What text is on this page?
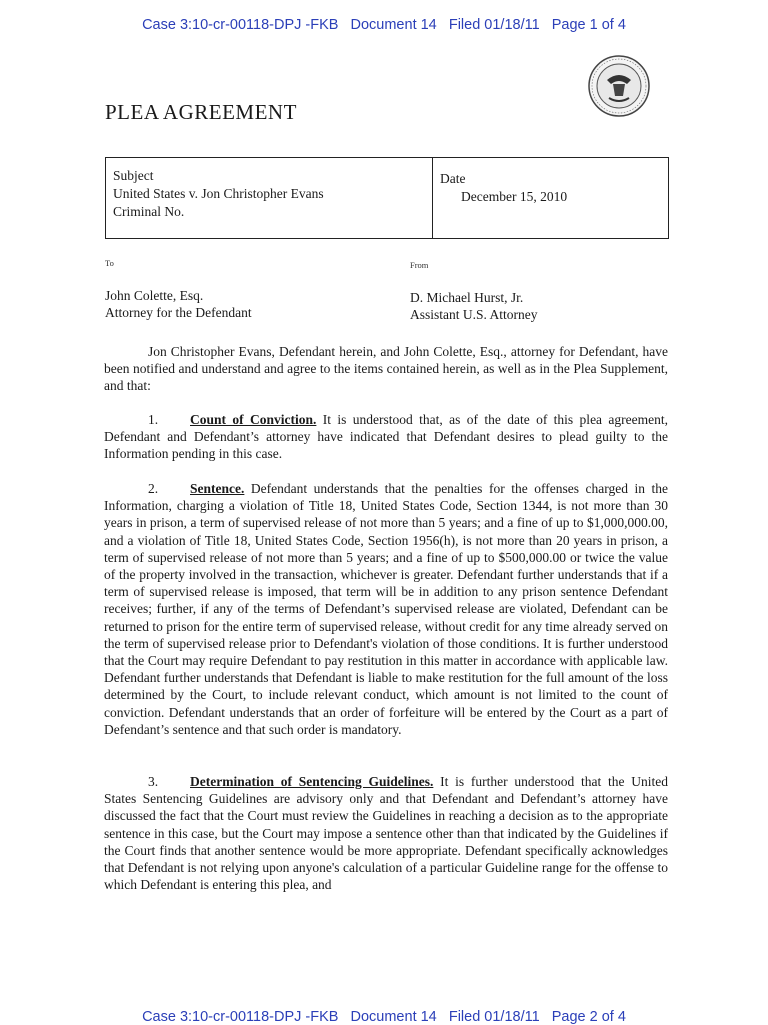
Case 3:10-cr-00118-DPJ -FKB   Document 14   Filed 01/18/11   Page 1 of 4
PLEA AGREEMENT
Subject
United States v. Jon Christopher Evans
Criminal No.
Date
December 15, 2010
To	From
John Colette, Esq.
Attorney for the Defendant
D. Michael Hurst, Jr.
Assistant U.S. Attorney
Jon Christopher Evans, Defendant herein, and John Colette, Esq., attorney for Defendant, have been notified and understand and agree to the items contained herein, as well as in the Plea Supplement, and that:
1. Count of Conviction. It is understood that, as of the date of this plea agreement, Defendant and Defendant’s attorney have indicated that Defendant desires to plead guilty to the Information pending in this case.
2. Sentence. Defendant understands that the penalties for the offenses charged in the Information, charging a violation of Title 18, United States Code, Section 1344, is not more than 30 years in prison, a term of supervised release of not more than 5 years; and a fine of up to $1,000,000.00, and a violation of Title 18, United States Code, Section 1956(h), is not more than 20 years in prison, a term of supervised release of not more than 5 years; and a fine of up to $500,000.00 or twice the value of the property involved in the transaction, whichever is greater. Defendant further understands that if a term of supervised release is imposed, that term will be in addition to any prison sentence Defendant receives; further, if any of the terms of Defendant’s supervised release are violated, Defendant can be returned to prison for the entire term of supervised release, without credit for any time already served on the term of supervised release prior to Defendant's violation of those conditions. It is further understood that the Court may require Defendant to pay restitution in this matter in accordance with applicable law. Defendant further understands that Defendant is liable to make restitution for the full amount of the loss determined by the Court, to include relevant conduct, which amount is not limited to the count of conviction. Defendant understands that an order of forfeiture will be entered by the Court as a part of Defendant’s sentence and that such order is mandatory.
3. Determination of Sentencing Guidelines. It is further understood that the United States Sentencing Guidelines are advisory only and that Defendant and Defendant’s attorney have discussed the fact that the Court must review the Guidelines in reaching a decision as to the appropriate sentence in this case, but the Court may impose a sentence other than that indicated by the Guidelines if the Court finds that another sentence would be more appropriate. Defendant specifically acknowledges that Defendant is not relying upon anyone's calculation of a particular Guideline range for the offense to which Defendant is entering this plea, and
Case 3:10-cr-00118-DPJ -FKB   Document 14   Filed 01/18/11   Page 2 of 4
